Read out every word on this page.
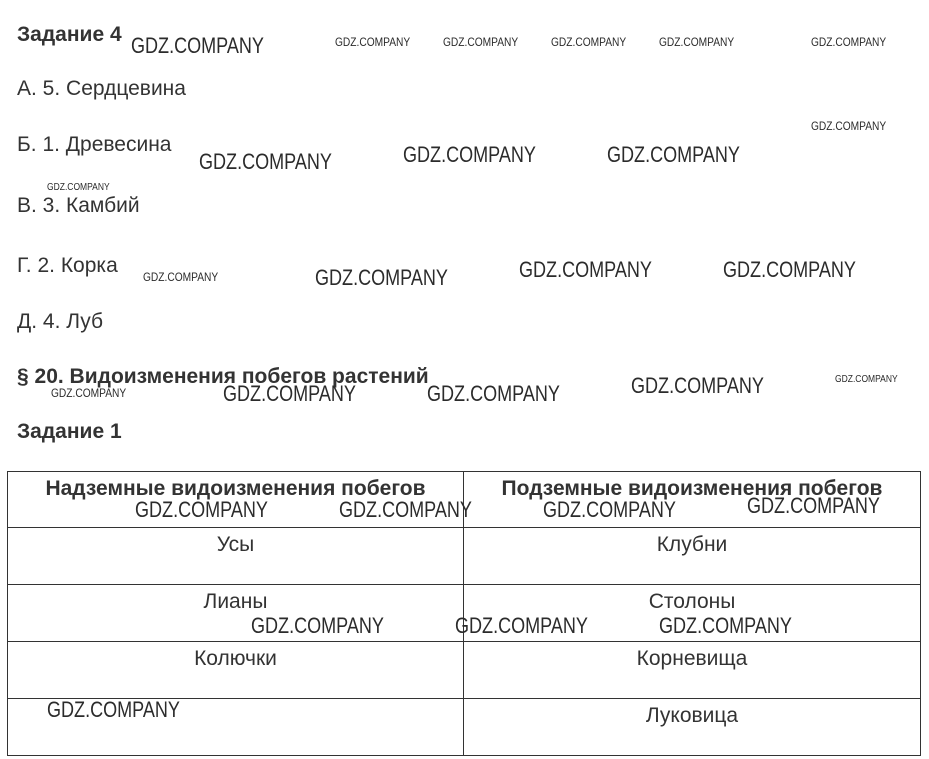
Задание 4
А. 5. Сердцевина
Б. 1. Древесина
В. 3. Камбий
Г. 2. Корка
Д. 4. Луб
§ 20. Видоизменения побегов растений
Задание 1
Надземные видоизменения побегов	Подземные видоизменения побегов
Усы	Клубни
Лианы	Столоны
Колючки	Корневища
	Луковица
GDZ.COMPANY	GDZ.COMPANY	GDZ.COMPANY	GDZ.COMPANY	GDZ.COMPANY	GDZ.COMPANY
GDZ.COMPANY
GDZ.COMPANY	GDZ.COMPANY	GDZ.COMPANY
GDZ.COMPANY
GDZ.COMPANY	GDZ.COMPANY	GDZ.COMPANY	GDZ.COMPANY
GDZ.COMPANY	GDZ.COMPANY
GDZ.COMPANY	GDZ.COMPANY	GDZ.COMPANY
GDZ.COMPANY	GDZ.COMPANY	GDZ.COMPANY	GDZ.COMPANY
GDZ.COMPANY	GDZ.COMPANY	GDZ.COMPANY
GDZ.COMPANY
